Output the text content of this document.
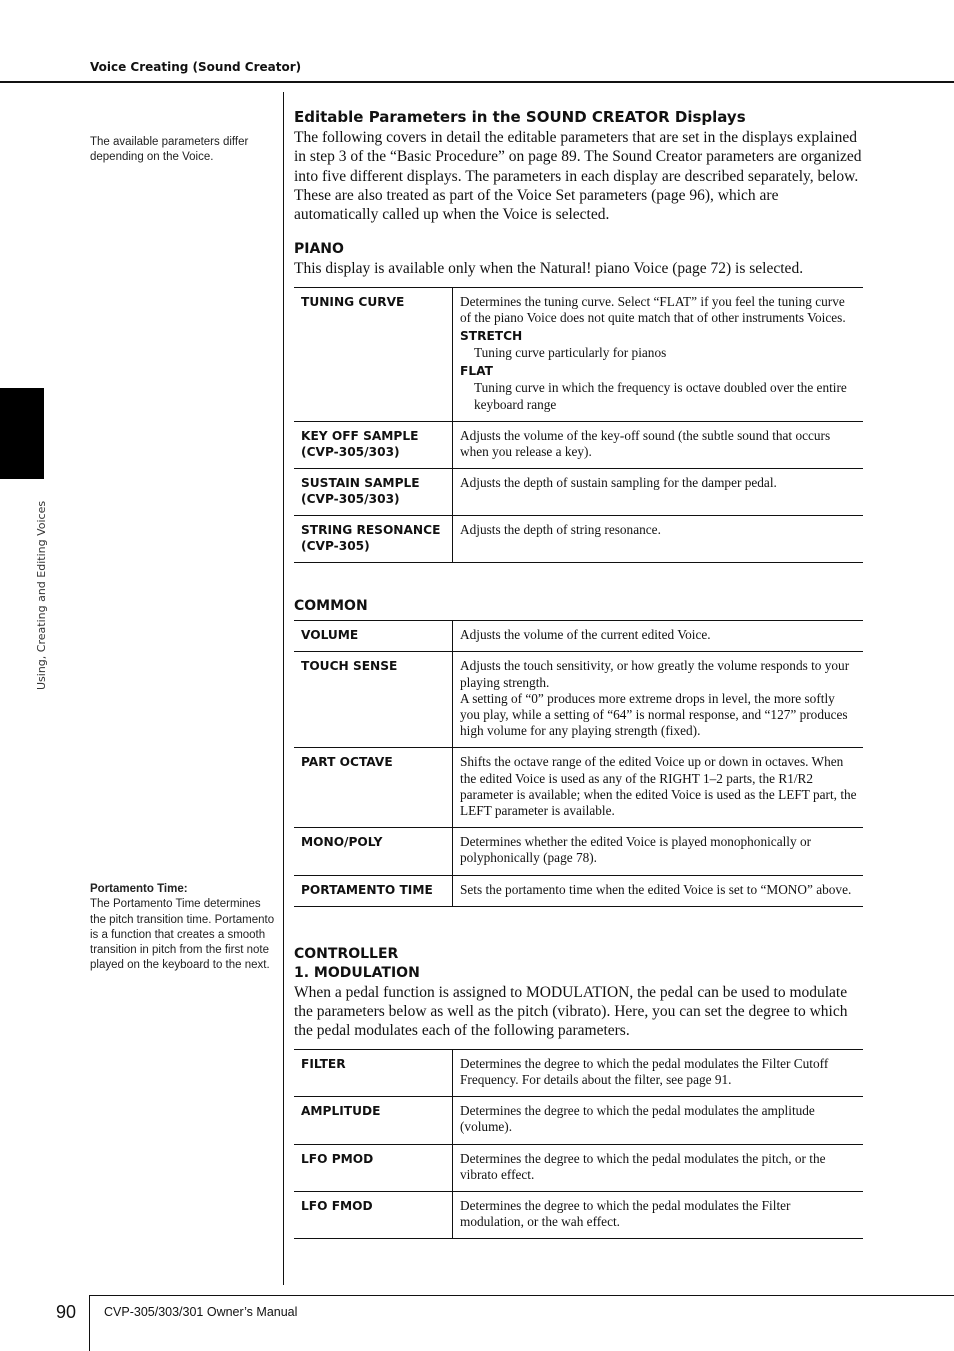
Voice Creating (Sound Creator)
Using, Creating and Editing Voices
The available parameters differ depending on the Voice.
Portamento Time:
The Portamento Time determines the pitch transition time. Portamento is a function that creates a smooth transition in pitch from the first note played on the keyboard to the next.
Editable Parameters in the SOUND CREATOR Displays

The following covers in detail the editable parameters that are set in the displays explained in step 3 of the “Basic Procedure” on page 89. The Sound Creator parameters are organized into five different displays. The parameters in each display are described separately, below. These are also treated as part of the Voice Set parameters (page 96), which are automatically called up when the Voice is selected.

PIANO

This display is available only when the Natural! piano Voice (page 72) is selected.

TUNING CURVE	Determines the tuning curve. Select “FLAT” if you feel the tuning curve of the piano Voice does not quite match that of other instruments Voices.
STRETCH
Tuning curve particularly for pianos
FLAT
Tuning curve in which the frequency is octave doubled over the entire keyboard range

KEY OFF SAMPLE
(CVP-305/303)	Adjusts the volume of the key-off sound (the subtle sound that occurs when you release a key).

SUSTAIN SAMPLE
(CVP-305/303)	Adjusts the depth of sustain sampling for the damper pedal.

STRING RESONANCE
(CVP-305)	Adjusts the depth of string resonance.
COMMON
VOLUME	Adjusts the volume of the current edited Voice.
TOUCH SENSE	Adjusts the touch sensitivity, or how greatly the volume responds to your playing strength.
A setting of “0” produces more extreme drops in level, the more softly you play, while a setting of “64” is normal response, and “127” produces high volume for any playing strength (fixed).

PART OCTAVE	Shifts the octave range of the edited Voice up or down in octaves. When the edited Voice is used as any of the RIGHT 1–2 parts, the R1/R2 parameter is available; when the edited Voice is used as the LEFT part, the LEFT parameter is available.
MONO/POLY	Determines whether the edited Voice is played monophonically or polyphonically (page 78).
PORTAMENTO TIME	Sets the portamento time when the edited Voice is set to “MONO” above.
CONTROLLER
1. MODULATION

When a pedal function is assigned to MODULATION, the pedal can be used to modulate the parameters below as well as the pitch (vibrato). Here, you can set the degree to which the pedal modulates each of the following parameters.

FILTER	Determines the degree to which the pedal modulates the Filter Cutoff Frequency. For details about the filter, see page 91.
AMPLITUDE	Determines the degree to which the pedal modulates the amplitude (volume).
LFO PMOD	Determines the degree to which the pedal modulates the pitch, or the vibrato effect.
LFO FMOD	Determines the degree to which the pedal modulates the Filter modulation, or the wah effect.
90 CVP-305/303/301 Owner’s Manual
